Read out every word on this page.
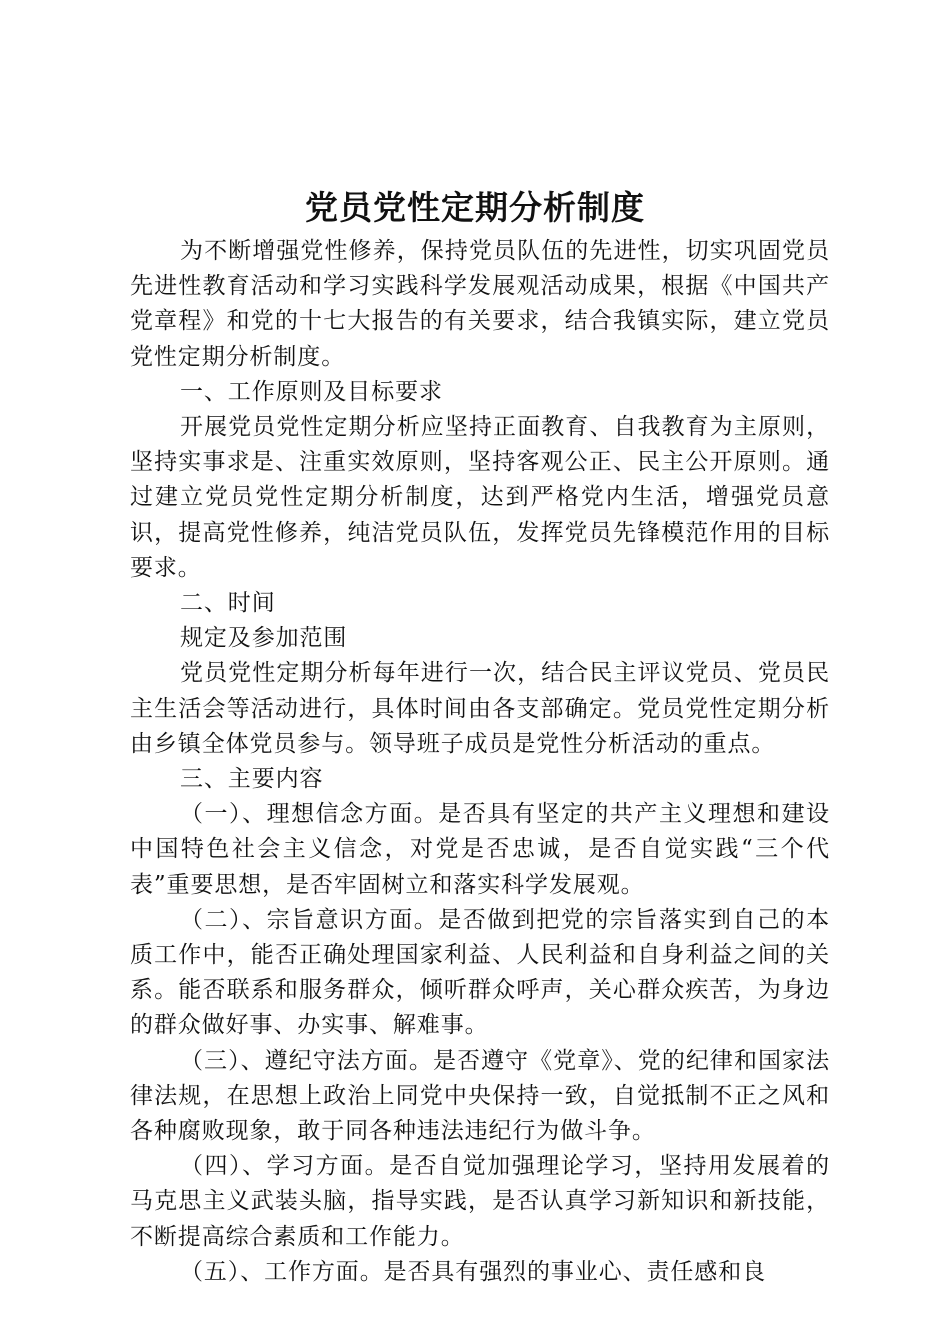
党员党性定期分析制度

为不断增强党性修养，保持党员队伍的先进性，切实巩固党员先进性教育活动和学习实践科学发展观活动成果，根据《中国共产党章程》和党的十七大报告的有关要求，结合我镇实际，建立党员党性定期分析制度。

一、工作原则及目标要求

开展党员党性定期分析应坚持正面教育、自我教育为主原则，坚持实事求是、注重实效原则，坚持客观公正、民主公开原则。通过建立党员党性定期分析制度，达到严格党内生活，增强党员意识，提高党性修养，纯洁党员队伍，发挥党员先锋模范作用的目标要求。

二、时间

规定及参加范围

党员党性定期分析每年进行一次，结合民主评议党员、党员民主生活会等活动进行，具体时间由各支部确定。党员党性定期分析由乡镇全体党员参与。领导班子成员是党性分析活动的重点。

三、主要内容

（一）、理想信念方面。是否具有坚定的共产主义理想和建设中国特色社会主义信念，对党是否忠诚，是否自觉实践“三个代表”重要思想，是否牢固树立和落实科学发展观。

（二）、宗旨意识方面。是否做到把党的宗旨落实到自己的本质工作中，能否正确处理国家利益、人民利益和自身利益之间的关系。能否联系和服务群众，倾听群众呼声，关心群众疾苦，为身边的群众做好事、办实事、解难事。

（三）、遵纪守法方面。是否遵守《党章》、党的纪律和国家法律法规，在思想上政治上同党中央保持一致，自觉抵制不正之风和各种腐败现象，敢于同各种违法违纪行为做斗争。

（四）、学习方面。是否自觉加强理论学习，坚持用发展着的马克思主义武装头脑，指导实践，是否认真学习新知识和新技能，不断提高综合素质和工作能力。

（五）、工作方面。是否具有强烈的事业心、责任感和良
